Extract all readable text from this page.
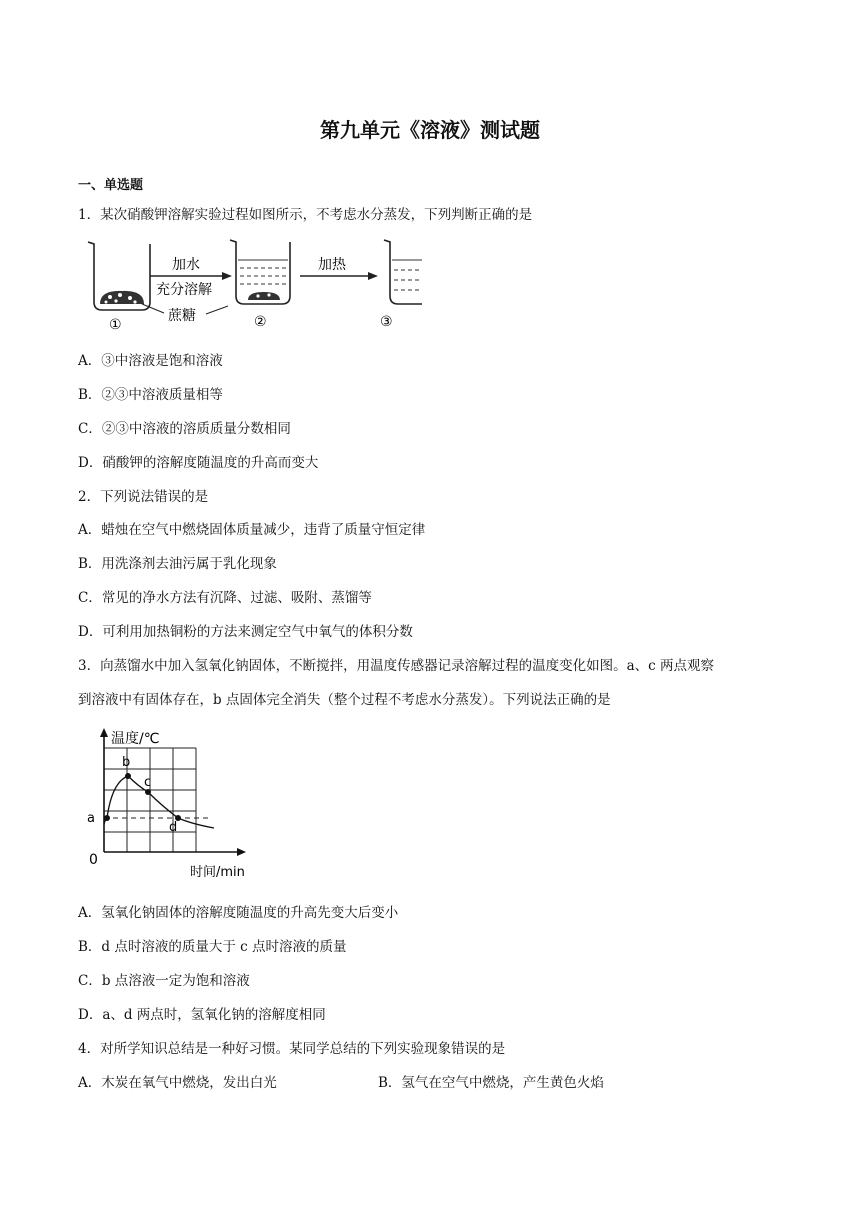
第九单元《溶液》测试题
一、单选题
1．某次硝酸钾溶解实验过程如图所示，不考虑水分蒸发，下列判断正确的是
加水
充分溶解
蔗糖
加热
①	②	③
A．③中溶液是饱和溶液
B．②③中溶液质量相等
C．②③中溶液的溶质质量分数相同
D．硝酸钾的溶解度随温度的升高而变大
2．下列说法错误的是
A．蜡烛在空气中燃烧固体质量减少，违背了质量守恒定律
B．用洗涤剂去油污属于乳化现象
C．常见的净水方法有沉降、过滤、吸附、蒸馏等
D．可利用加热铜粉的方法来测定空气中氧气的体积分数
3．向蒸馏水中加入氢氧化钠固体，不断搅拌，用温度传感器记录溶解过程的温度变化如图。a、c 两点观察
到溶液中有固体存在，b 点固体完全消失（整个过程不考虑水分蒸发）。下列说法正确的是
a
b
c
d
温度/℃
0
时间/min
A．氢氧化钠固体的溶解度随温度的升高先变大后变小
B．d 点时溶液的质量大于 c 点时溶液的质量
C．b 点溶液一定为饱和溶液
D．a、d 两点时，氢氧化钠的溶解度相同
4．对所学知识总结是一种好习惯。某同学总结的下列实验现象错误的是
A．木炭在氧气中燃烧，发出白光	B．氢气在空气中燃烧，产生黄色火焰
